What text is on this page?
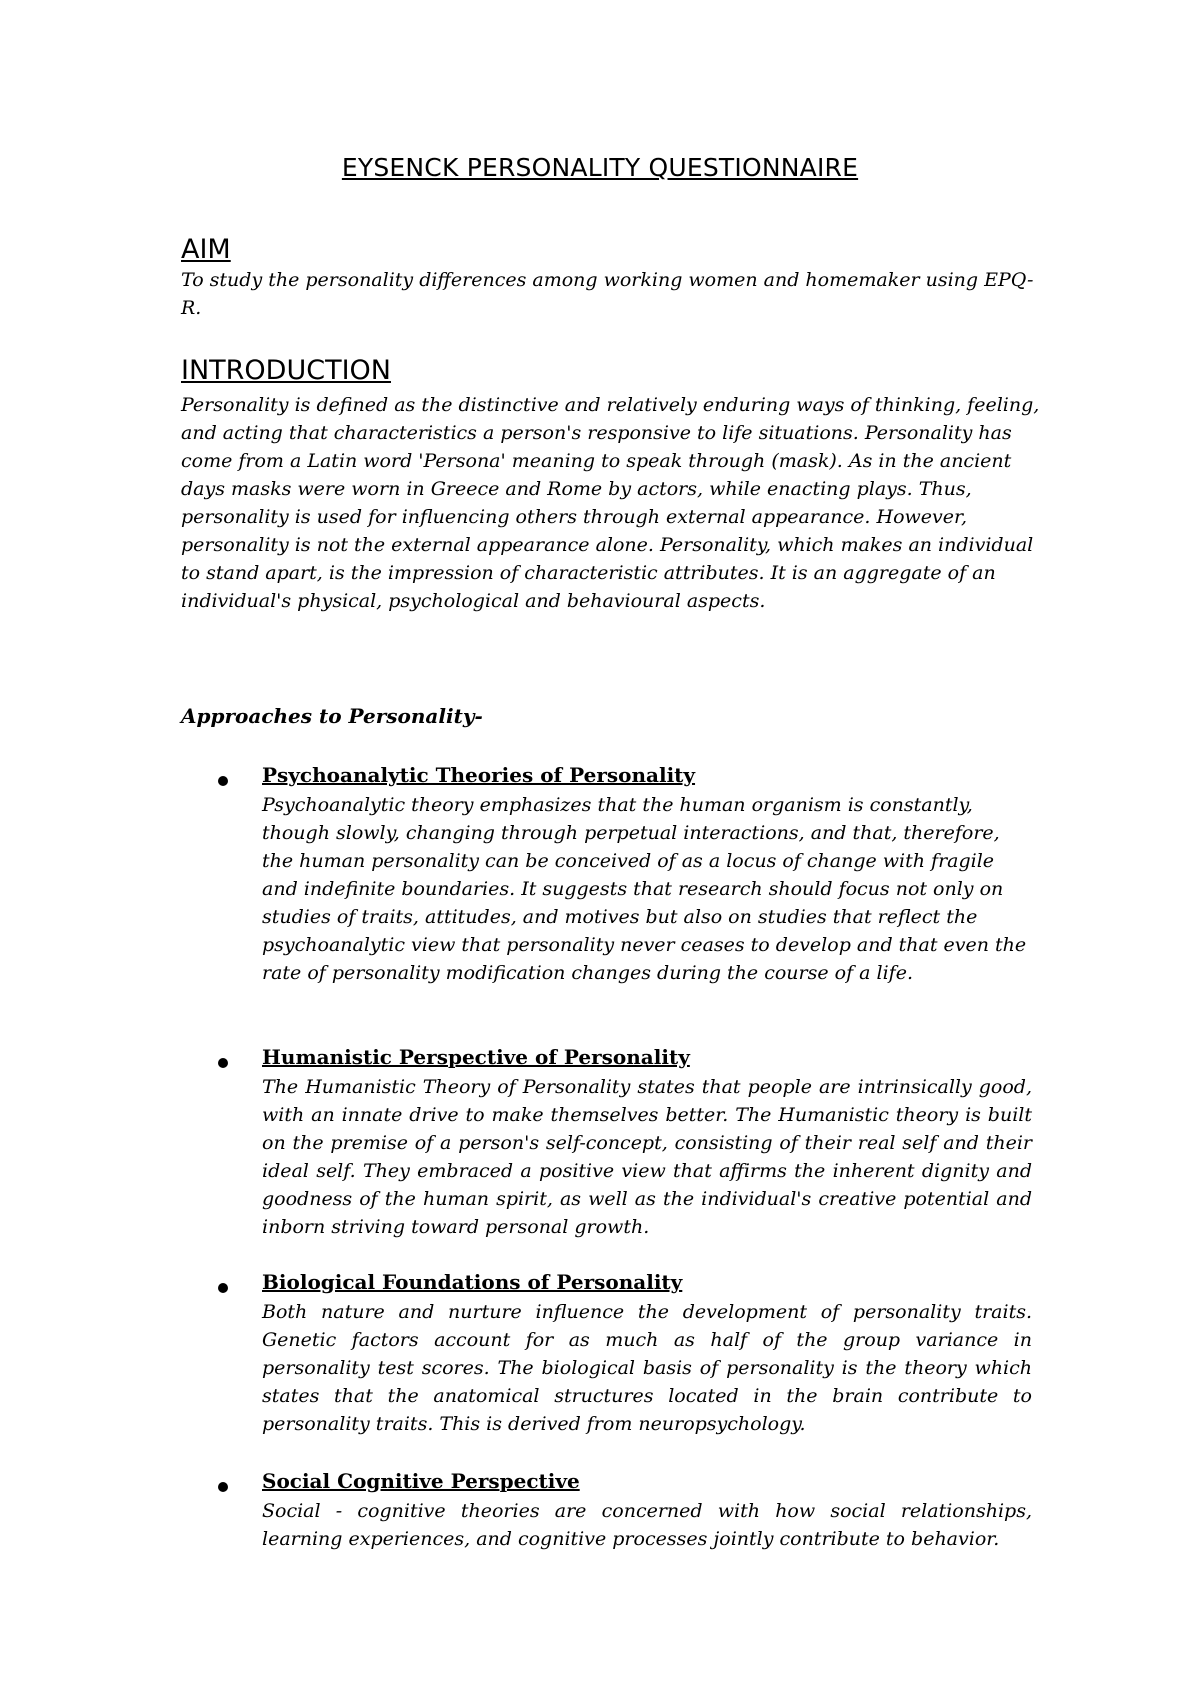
EYSENCK PERSONALITY QUESTIONNAIRE
AIM

To study the personality differences among working women and homemaker using EPQ-R.

INTRODUCTION

Personality is defined as the distinctive and relatively enduring ways of thinking, feeling, and acting that characteristics a person's responsive to life situations. Personality has come from a Latin word 'Persona' meaning to speak through (mask). As in the ancient days masks were worn in Greece and Rome by actors, while enacting plays. Thus, personality is used for influencing others through external appearance. However, personality is not the external appearance alone. Personality, which makes an individual to stand apart, is the impression of characteristic attributes. It is an aggregate of an individual's physical, psychological and behavioural aspects.

Approaches to Personality-

Psychoanalytic Theories of Personality

Psychoanalytic theory emphasizes that the human organism is constantly, though slowly, changing through perpetual interactions, and that, therefore, the human personality can be conceived of as a locus of change with fragile and indefinite boundaries. It suggests that research should focus not only on studies of traits, attitudes, and motives but also on studies that reflect the psychoanalytic view that personality never ceases to develop and that even the rate of personality modification changes during the course of a life.

Humanistic Perspective of Personality

The Humanistic Theory of Personality states that people are intrinsically good, with an innate drive to make themselves better. The Humanistic theory is built on the premise of a person's self-concept, consisting of their real self and their ideal self. They embraced a positive view that affirms the inherent dignity and goodness of the human spirit, as well as the individual's creative potential and inborn striving toward personal growth.

Biological Foundations of Personality

Both nature and nurture influence the development of personality traits. Genetic factors account for as much as half of the group variance in personality test scores. The biological basis of personality is the theory which states that the anatomical structures located in the brain contribute to personality traits. This is derived from neuropsychology.

Social Cognitive Perspective

Social - cognitive theories are concerned with how social relationships, learning experiences, and cognitive processes jointly contribute to behavior.
